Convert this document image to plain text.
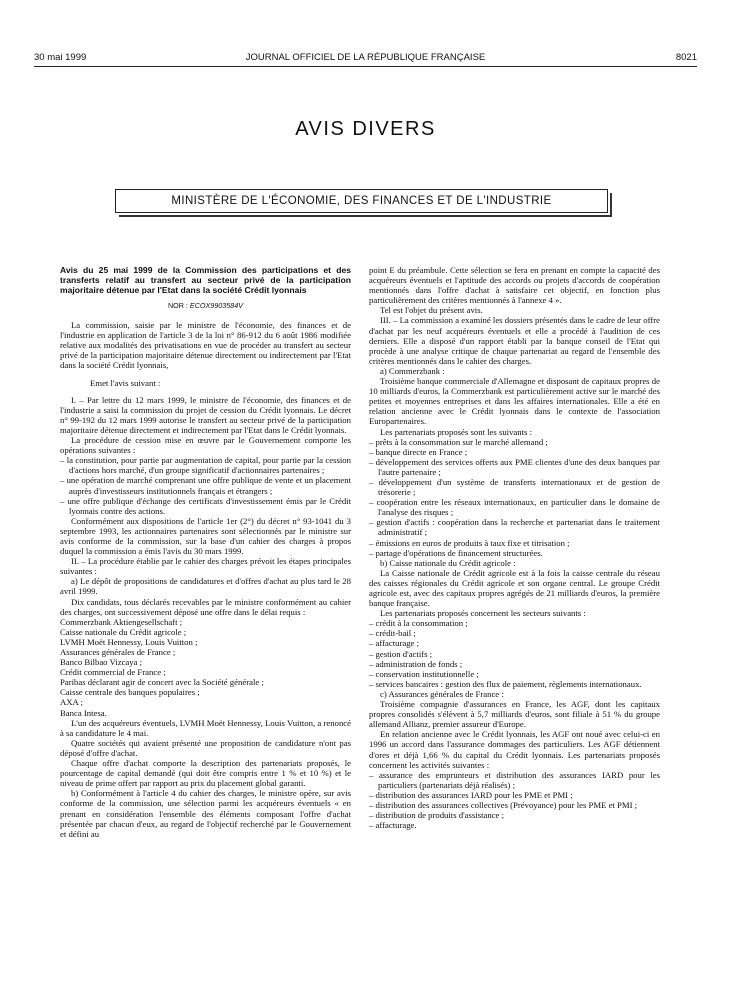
30 mai 1999	JOURNAL OFFICIEL DE LA RÉPUBLIQUE FRANÇAISE	8021
AVIS DIVERS
MINISTÈRE DE L'ÉCONOMIE, DES FINANCES ET DE L'INDUSTRIE

Avis du 25 mai 1999 de la Commission des participations et des transferts relatif au transfert au secteur privé de la participation majoritaire détenue par l'Etat dans la société Crédit lyonnais

NOR : ECOX9903584V

La commission, saisie par le ministre de l'économie, des finances et de l'industrie en application de l'article 3 de la loi n° 86-912 du 6 août 1986 modifiée relative aux modalités des privatisations en vue de procéder au transfert au secteur privé de la participation majoritaire détenue directement ou indirectement par l'Etat dans la société Crédit lyonnais,

Emet l'avis suivant :

I. – Par lettre du 12 mars 1999, le ministre de l'économie, des finances et de l'industrie a saisi la commission du projet de cession du Crédit lyonnais. Le décret n° 99-192 du 12 mars 1999 autorise le transfert au secteur privé de la participation majoritaire détenue directement et indirectement par l'Etat dans le Crédit lyonnais.

La procédure de cession mise en œuvre par le Gouvernement comporte les opérations suivantes :

– la constitution, pour partie par augmentation de capital, pour partie par la cession d'actions hors marché, d'un groupe significatif d'actionnaires partenaires ;
– une opération de marché comprenant une offre publique de vente et un placement auprès d'investisseurs institutionnels français et étrangers ;
– une offre publique d'échange des certificats d'investissement émis par le Crédit lyonnais contre des actions.

Conformément aux dispositions de l'article 1er (2°) du décret n° 93-1041 du 3 septembre 1993, les actionnaires partenaires sont sélectionnés par le ministre sur avis conforme de la commission, sur la base d'un cahier des charges à propos duquel la commission a émis l'avis du 30 mars 1999.

II. – La procédure établie par le cahier des charges prévoit les étapes principales suivantes :

a) Le dépôt de propositions de candidatures et d'offres d'achat au plus tard le 28 avril 1999.

Dix candidats, tous déclarés recevables par le ministre conformément au cahier des charges, ont successivement déposé une offre dans le délai requis :

Commerzbank Aktiengesellschaft ;
Caisse nationale du Crédit agricole ;
LVMH Moët Hennessy, Louis Vuitton ;
Assurances générales de France ;
Banco Bilbao Vizcaya ;
Crédit commercial de France ;
Paribas déclarant agir de concert avec la Société générale ;
Caisse centrale des banques populaires ;
AXA ;
Banca Intesa.

L'un des acquéreurs éventuels, LVMH Moët Hennessy, Louis Vuitton, a renoncé à sa candidature le 4 mai.

Quatre sociétés qui avaient présenté une proposition de candidature n'ont pas déposé d'offre d'achat.

Chaque offre d'achat comporte la description des partenariats proposés, le pourcentage de capital demandé (qui doit être compris entre 1 % et 10 %) et le niveau de prime offert par rapport au prix du placement global garanti.

b) Conformément à l'article 4 du cahier des charges, le ministre opère, sur avis conforme de la commission, une sélection parmi les acquéreurs éventuels « en prenant en considération l'ensemble des éléments composant l'offre d'achat présentée par chacun d'eux, au regard de l'objectif recherché par le Gouvernement et défini au

point E du préambule. Cette sélection se fera en prenant en compte la capacité des acquéreurs éventuels et l'aptitude des accords ou projets d'accords de coopération mentionnés dans l'offre d'achat à satisfaire cet objectif, en fonction plus particulièrement des critères mentionnés à l'annexe 4 ».

Tel est l'objet du présent avis.

III. – La commission a examiné les dossiers présentés dans le cadre de leur offre d'achat par les neuf acquéreurs éventuels et elle a procédé à l'audition de ces derniers. Elle a disposé d'un rapport établi par la banque conseil de l'Etat qui procède à une analyse critique de chaque partenariat au regard de l'ensemble des critères mentionnés dans le cahier des charges.

a) Commerzbank :

Troisième banque commerciale d'Allemagne et disposant de capitaux propres de 10 milliards d'euros, la Commerzbank est particulièrement active sur le marché des petites et moyennes entreprises et dans les affaires internationales. Elle a été en relation ancienne avec le Crédit lyonnais dans le contexte de l'association Europartenaires.

Les partenariats proposés sont les suivants :

– prêts à la consommation sur le marché allemand ;
– banque directe en France ;
– développement des services offerts aux PME clientes d'une des deux banques par l'autre partenaire ;
– développement d'un système de transferts internationaux et de gestion de trésorerie ;
– coopération entre les réseaux internationaux, en particulier dans le domaine de l'analyse des risques ;
– gestion d'actifs : coopération dans la recherche et partenariat dans le traitement administratif ;
– émissions en euros de produits à taux fixe et titrisation ;
– partage d'opérations de financement structurées.

b) Caisse nationale du Crédit agricole :

La Caisse nationale de Crédit agricole est à la fois la caisse centrale du réseau des caisses régionales du Crédit agricole et son organe central. Le groupe Crédit agricole est, avec des capitaux propres agrégés de 21 milliards d'euros, la première banque française.

Les partenariats proposés concernent les secteurs suivants :

– crédit à la consommation ;
– crédit-bail ;
– affacturage ;
– gestion d'actifs ;
– administration de fonds ;
– conservation institutionnelle ;
– services bancaires : gestion des flux de paiement, règlements internationaux.

c) Assurances générales de France :

Troisième compagnie d'assurances en France, les AGF, dont les capitaux propres consolidés s'élèvent à 5,7 milliards d'euros, sont filiale à 51 % du groupe allemand Allianz, premier assureur d'Europe.

En relation ancienne avec le Crédit lyonnais, les AGF ont noué avec celui-ci en 1996 un accord dans l'assurance dommages des particuliers. Les AGF détiennent d'ores et déjà 1,66 % du capital du Crédit lyonnais. Les partenariats proposés concernent les activités suivantes :

– assurance des emprunteurs et distribution des assurances IARD pour les particuliers (partenariats déjà réalisés) ;
– distribution des assurances IARD pour les PME et PMI ;
– distribution des assurances collectives (Prévoyance) pour les PME et PMI ;
– distribution de produits d'assistance ;
– affacturage.
